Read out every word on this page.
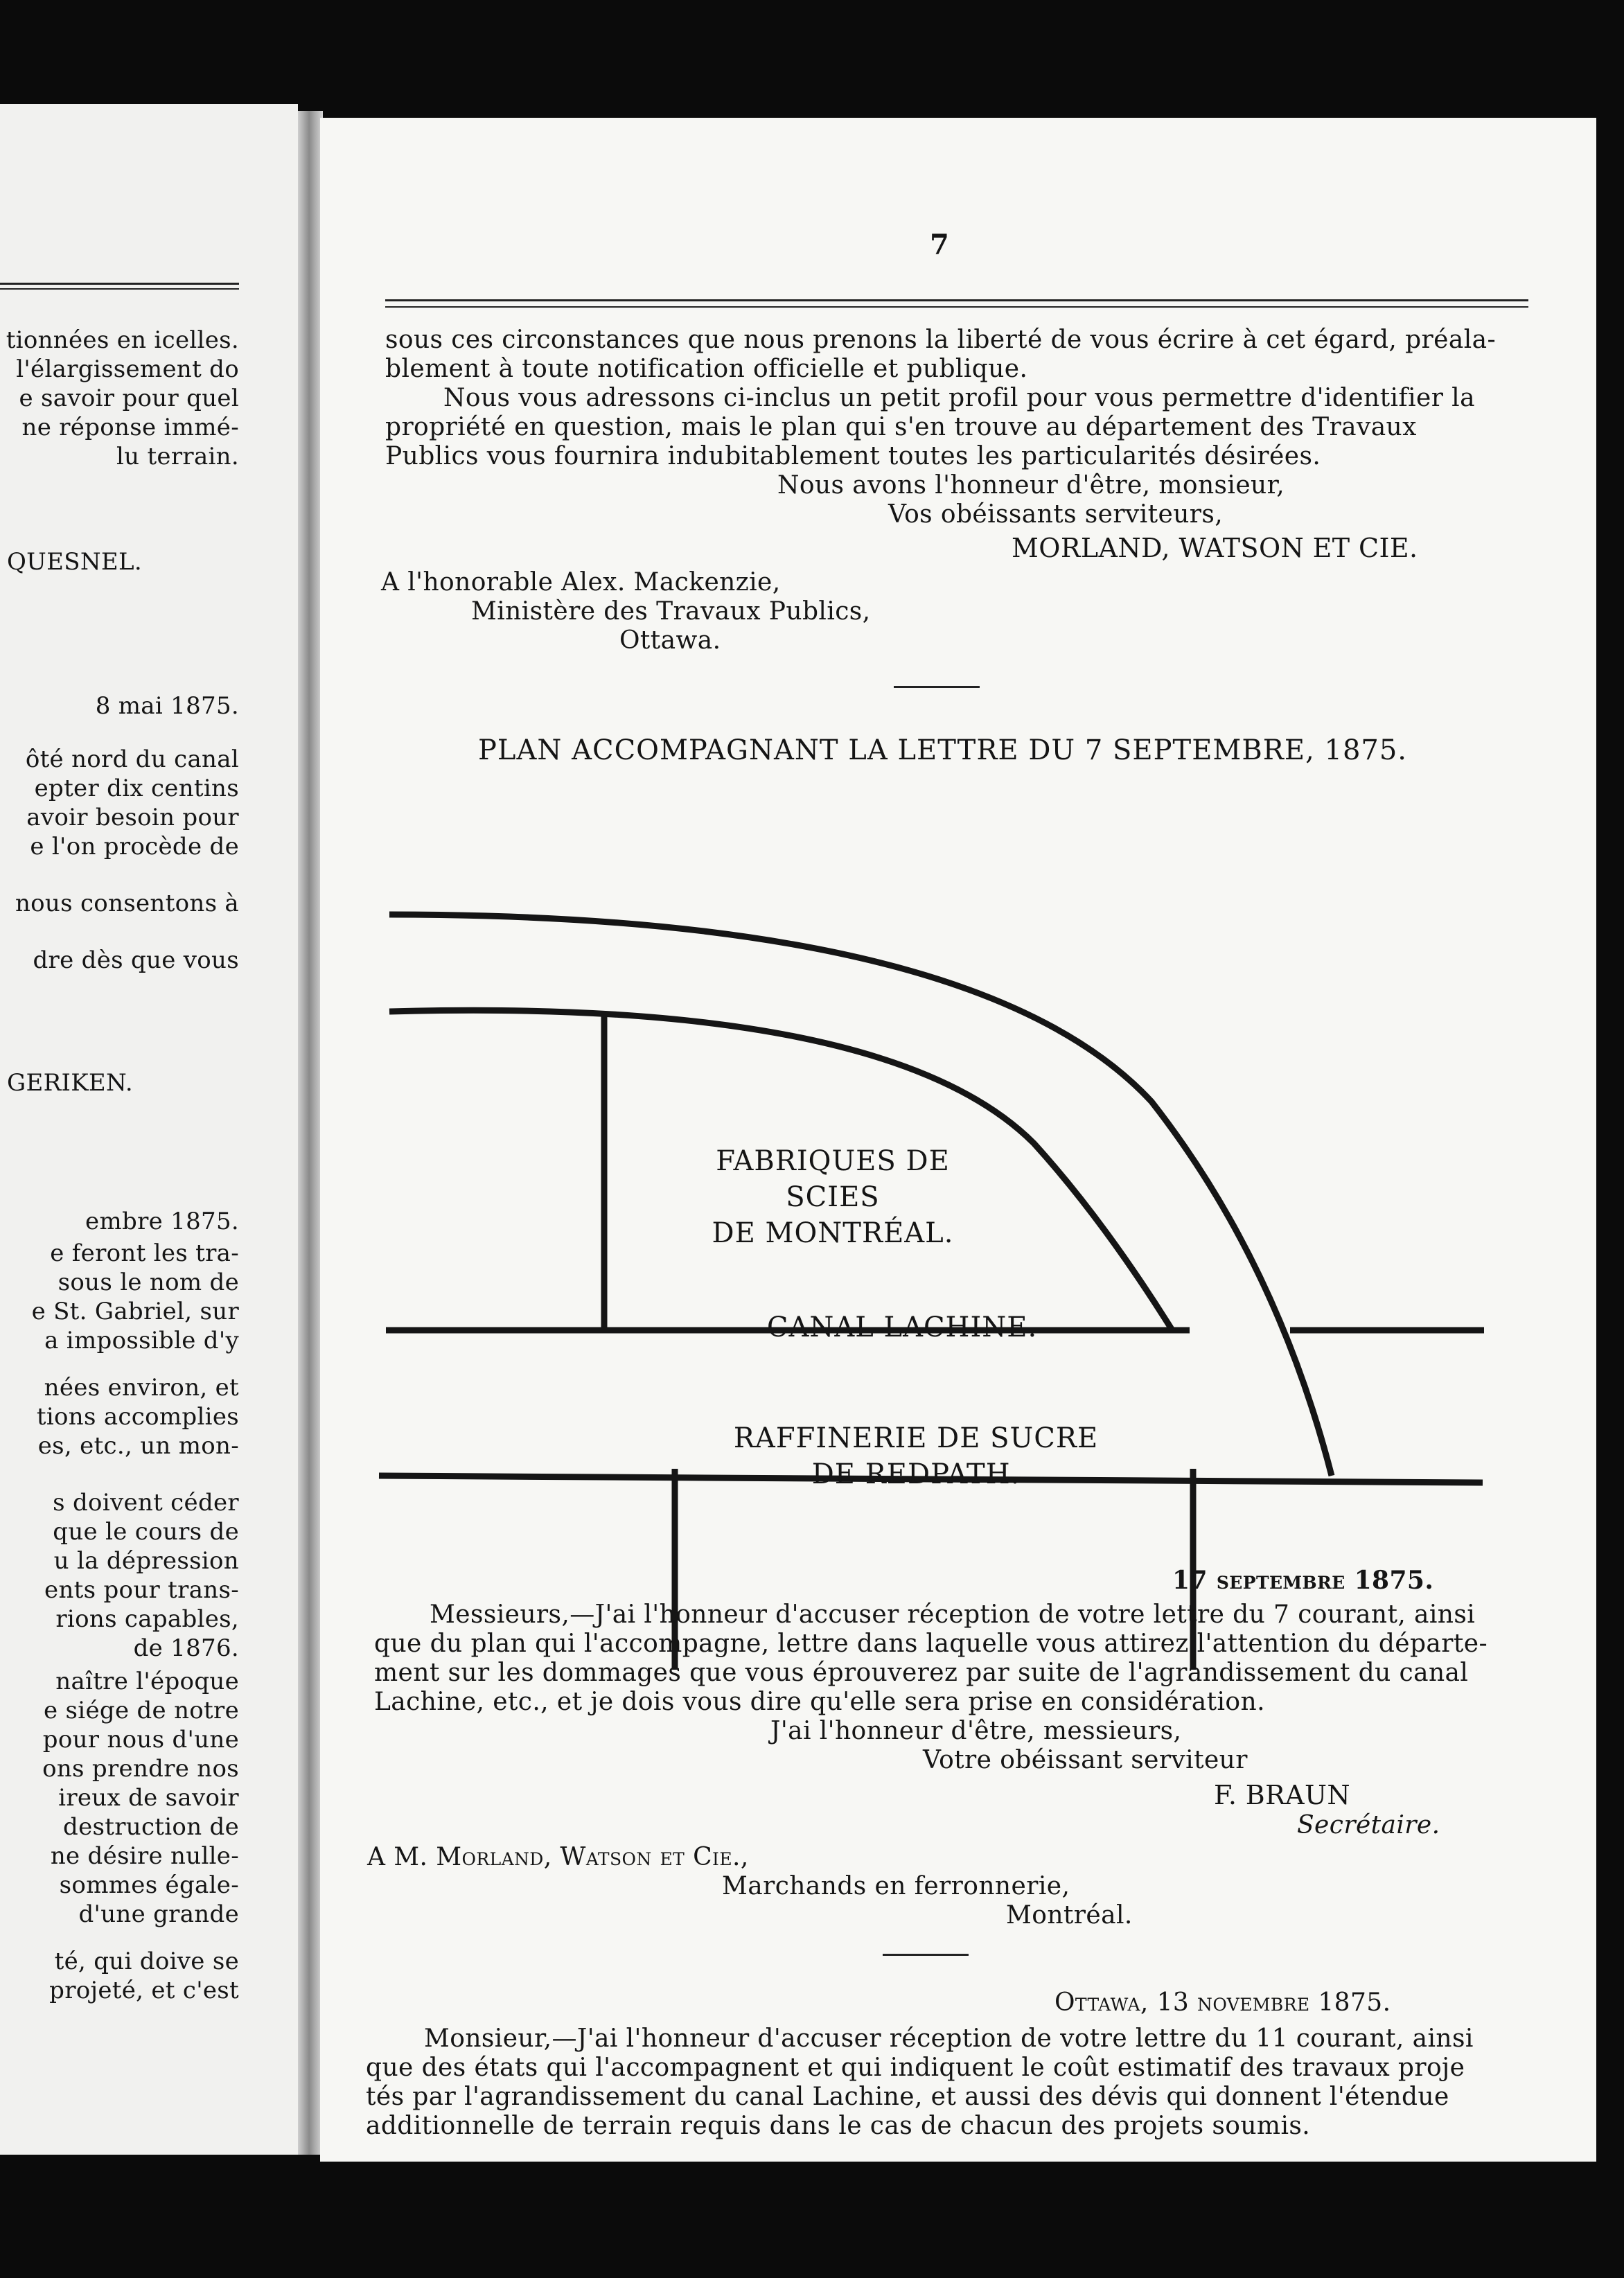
tionnées en icelles.
l'élargissement do
e savoir pour quel
ne réponse immé-
lu terrain.
QUESNEL.
8 mai 1875.
ôté nord du canal
epter dix centins
avoir besoin pour
e l'on procède de
nous consentons à
dre dès que vous
GERIKEN.
embre 1875.
e feront les tra-
sous le nom de
e St. Gabriel, sur
a impossible d'y
nées environ, et
tions accomplies
es, etc., un mon-
s doivent céder
que le cours de
u la dépression
ents pour trans-
rions capables,
de 1876.
naître l'époque
e siége de notre
pour nous d'une
ons prendre nos
ireux de savoir
destruction de
ne désire nulle-
sommes égale-
d'une grande
té, qui doive se
projeté, et c'est
7
sous ces circonstances que nous prenons la liberté de vous écrire à cet égard, préala-
blement à toute notification officielle et publique.
Nous vous adressons ci-inclus un petit profil pour vous permettre d'identifier la
propriété en question, mais le plan qui s'en trouve au département des Travaux
Publics vous fournira indubitablement toutes les particularités désirées.
Nous avons l'honneur d'être, monsieur,
Vos obéissants serviteurs,
MORLAND, WATSON ET CIE.
A l'honorable Alex. Mackenzie,
Ministère des Travaux Publics,
Ottawa.
PLAN ACCOMPAGNANT LA LETTRE DU 7 SEPTEMBRE, 1875.
FABRIQUES DE SCIES
DE MONTRÉAL.
CANAL LACHINE.
RAFFINERIE DE SUCRE
DE REDPATH.
17 septembre 1875.
Messieurs,—J'ai l'honneur d'accuser réception de votre lettre du 7 courant, ainsi
que du plan qui l'accompagne, lettre dans laquelle vous attirez l'attention du départe-
ment sur les dommages que vous éprouverez par suite de l'agrandissement du canal
Lachine, etc., et je dois vous dire qu'elle sera prise en considération.
J'ai l'honneur d'être, messieurs,
Votre obéissant serviteur
F. BRAUN
Secrétaire.
A M. Morland, Watson et Cie.,
Marchands en ferronnerie,
Montréal.
Ottawa, 13 novembre 1875.
Monsieur,—J'ai l'honneur d'accuser réception de votre lettre du 11 courant, ainsi
que des états qui l'accompagnent et qui indiquent le coût estimatif des travaux proje
tés par l'agrandissement du canal Lachine, et aussi des dévis qui donnent l'étendue
additionnelle de terrain requis dans le cas de chacun des projets soumis.
